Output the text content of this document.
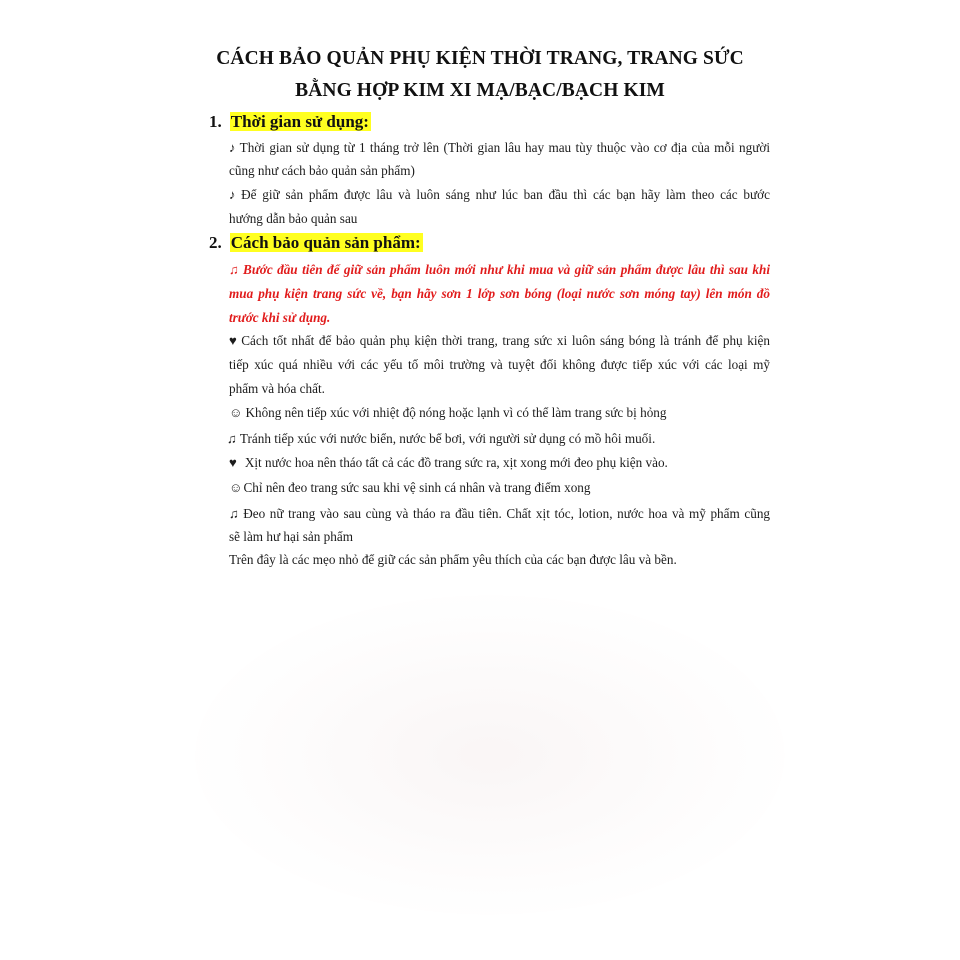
CÁCH BẢO QUẢN PHỤ KIỆN THỜI TRANG, TRANG SỨC
BẰNG HỢP KIM XI MẠ/BẠC/BẠCH KIM
1. Thời gian sử dụng:
♪ Thời gian sử dụng từ 1 tháng trở lên (Thời gian lâu hay mau tùy thuộc vào cơ địa của mỗi người
cũng như cách bảo quản sản phẩm)
♪ Để giữ sản phẩm được lâu và luôn sáng như lúc ban đầu thì các bạn hãy làm theo các bước
hướng dẫn bảo quản sau
2. Cách bảo quản sản phẩm:
♫ Bước đầu tiên để giữ sản phẩm luôn mới như khi mua và giữ sản phẩm được lâu thì sau khi
mua phụ kiện trang sức về, bạn hãy sơn 1 lớp sơn bóng (loại nước sơn móng tay) lên món đồ
trước khi sử dụng.
♥ Cách tốt nhất để bảo quản phụ kiện thời trang, trang sức xi luôn sáng bóng là tránh để phụ kiện
tiếp xúc quá nhiều với các yếu tố môi trường và tuyệt đối không được tiếp xúc với các loại mỹ
phẩm và hóa chất.
☺ Không nên tiếp xúc với nhiệt độ nóng hoặc lạnh vì có thể làm trang sức bị hỏng
♫ Tránh tiếp xúc với nước biển, nước bể bơi, với người sử dụng có mồ hôi muối.
♥ Xịt nước hoa nên tháo tất cả các đồ trang sức ra, xịt xong mới đeo phụ kiện vào.
☺Chỉ nên đeo trang sức sau khi vệ sinh cá nhân và trang điểm xong
♫ Đeo nữ trang vào sau cùng và tháo ra đầu tiên. Chất xịt tóc, lotion, nước hoa và mỹ phẩm cũng
sẽ làm hư hại sản phẩm
Trên đây là các mẹo nhỏ để giữ các sản phẩm yêu thích của các bạn được lâu và bền.
